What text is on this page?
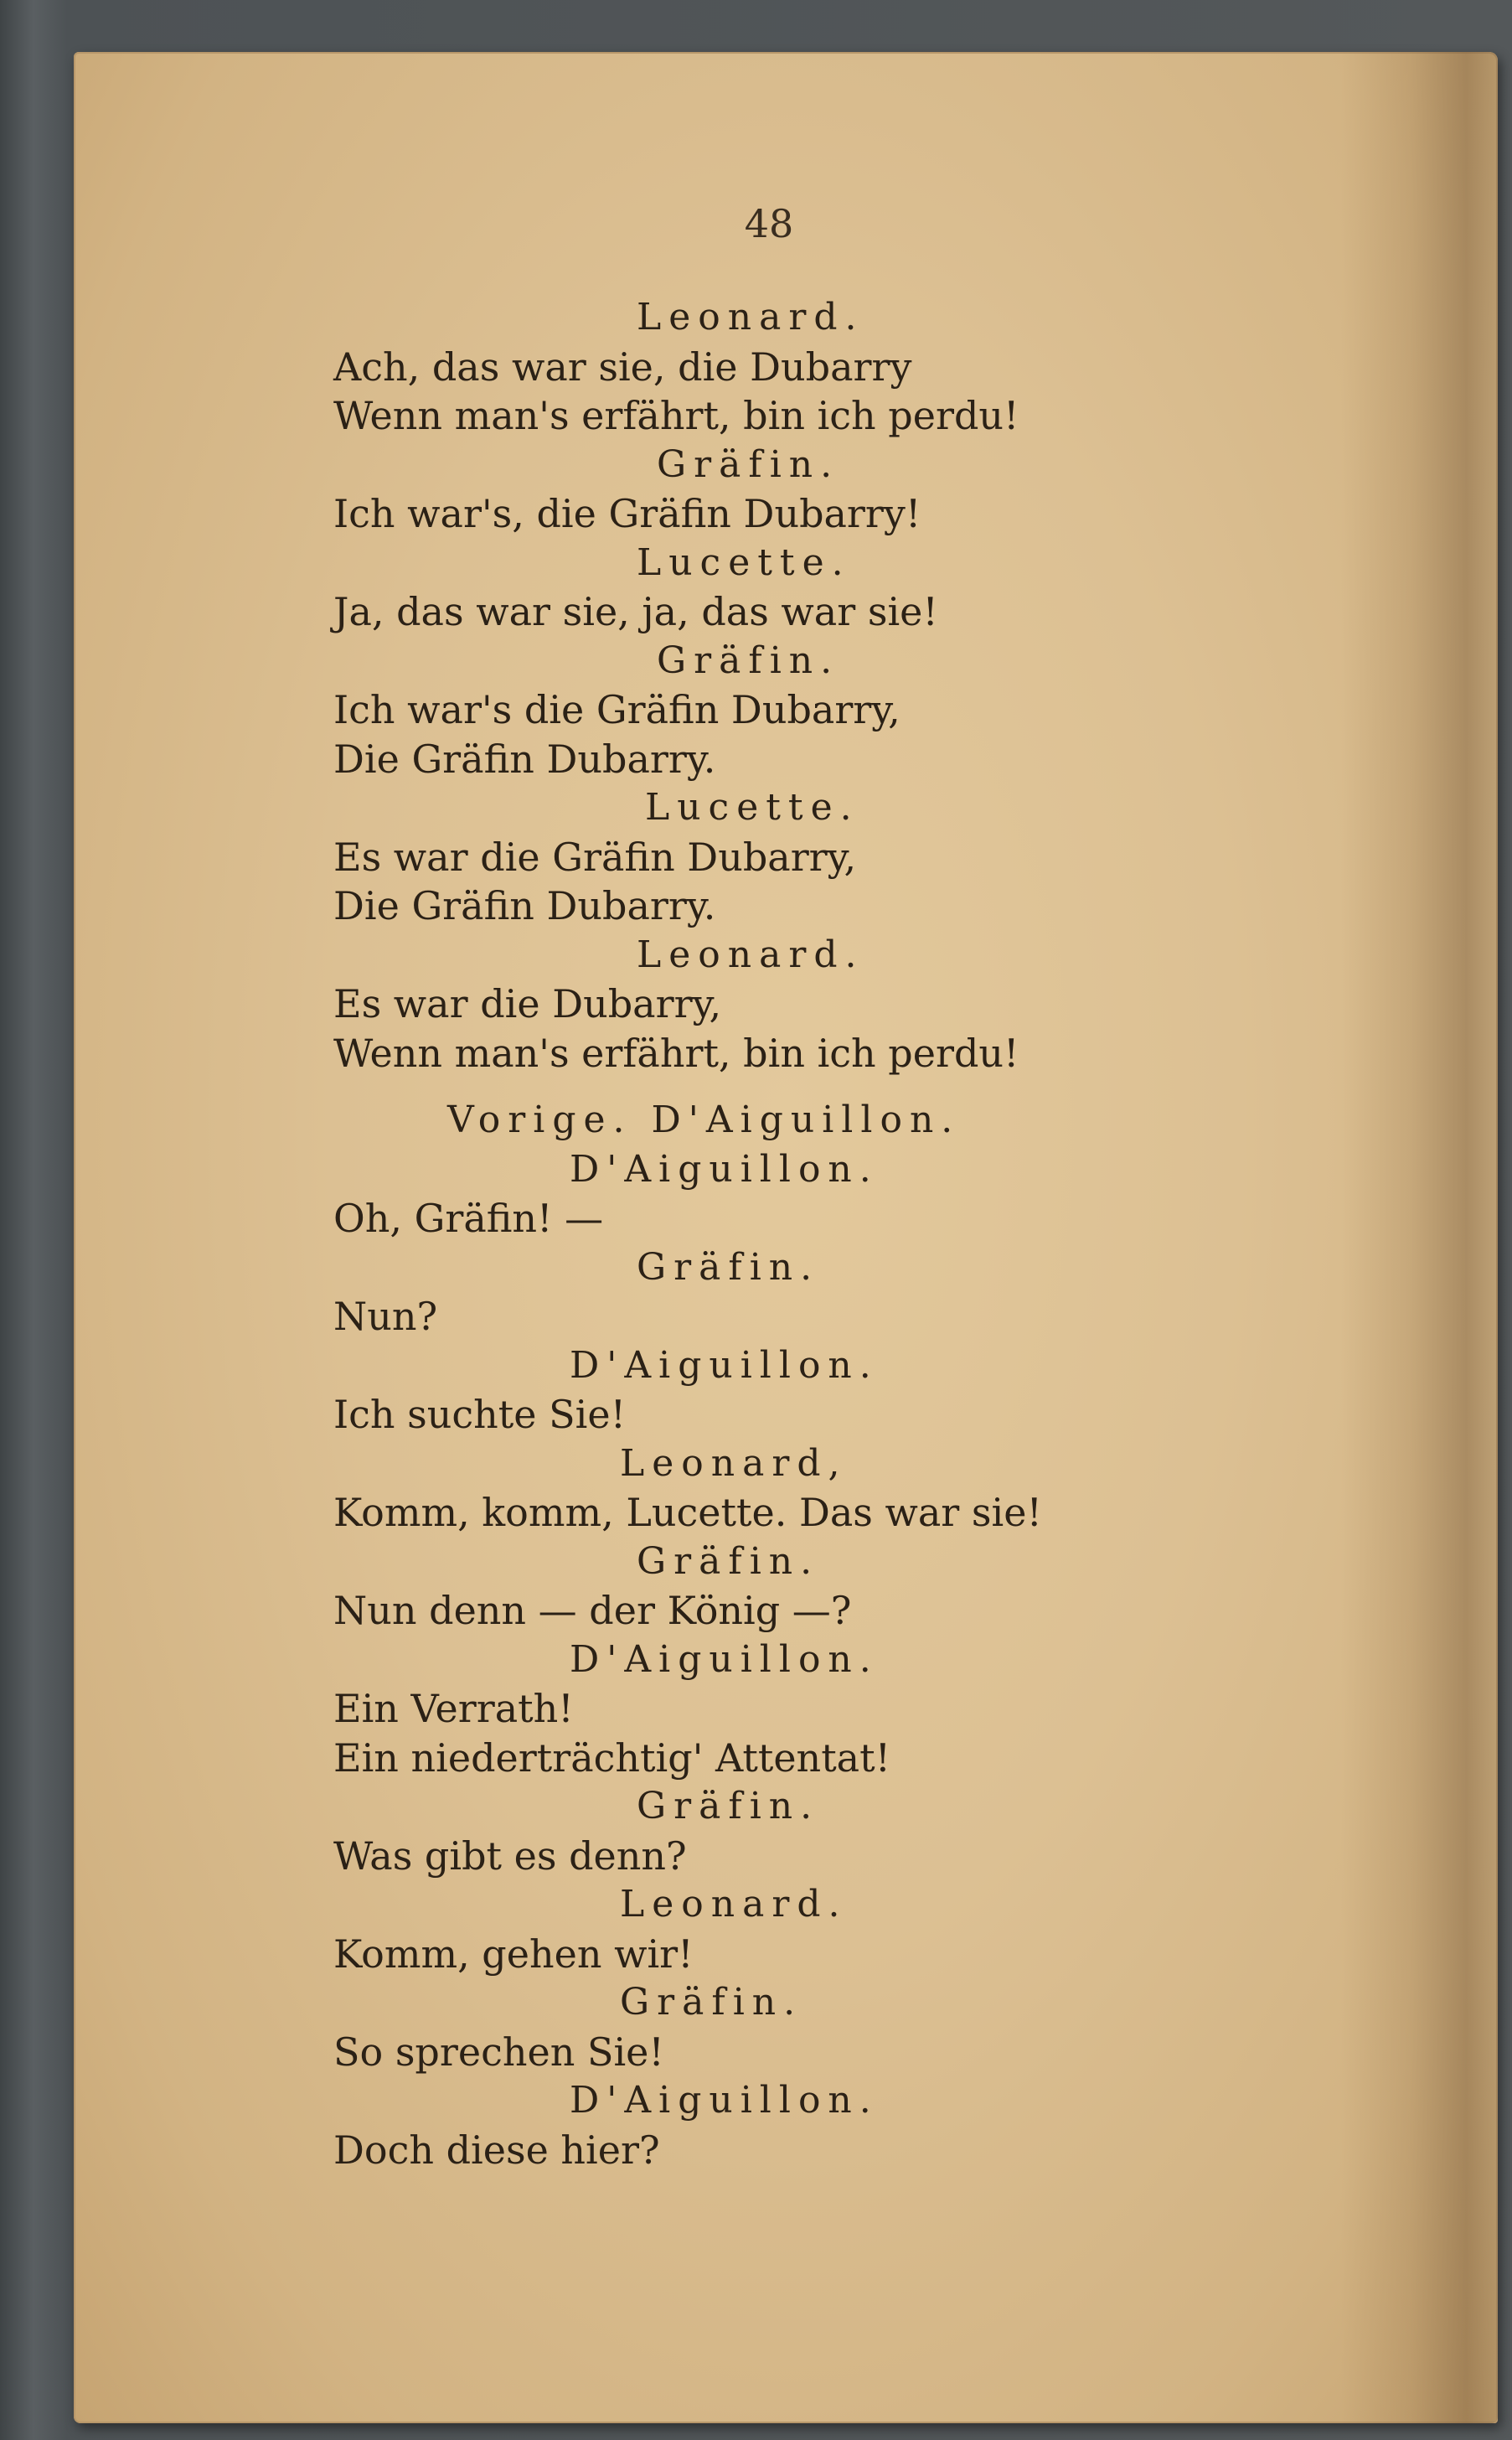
48
Leonard.
Ach, das war sie, die Dubarry
Wenn man's erfährt, bin ich perdu!
Gräfin.
Ich war's, die Gräfin Dubarry!
Lucette.
Ja, das war sie, ja, das war sie!
Gräfin.
Ich war's die Gräfin Dubarry,
Die Gräfin Dubarry.
Lucette.
Es war die Gräfin Dubarry,
Die Gräfin Dubarry.
Leonard.
Es war die Dubarry,
Wenn man's erfährt, bin ich perdu!
Vorige. D'Aiguillon.
D'Aiguillon.
Oh, Gräfin! —
Gräfin.
Nun?
D'Aiguillon.
Ich suchte Sie!
Leonard,
Komm, komm, Lucette. Das war sie!
Gräfin.
Nun denn — der König —?
D'Aiguillon.
Ein Verrath!
Ein niederträchtig' Attentat!
Gräfin.
Was gibt es denn?
Leonard.
Komm, gehen wir!
Gräfin.
So sprechen Sie!
D'Aiguillon.
Doch diese hier?
